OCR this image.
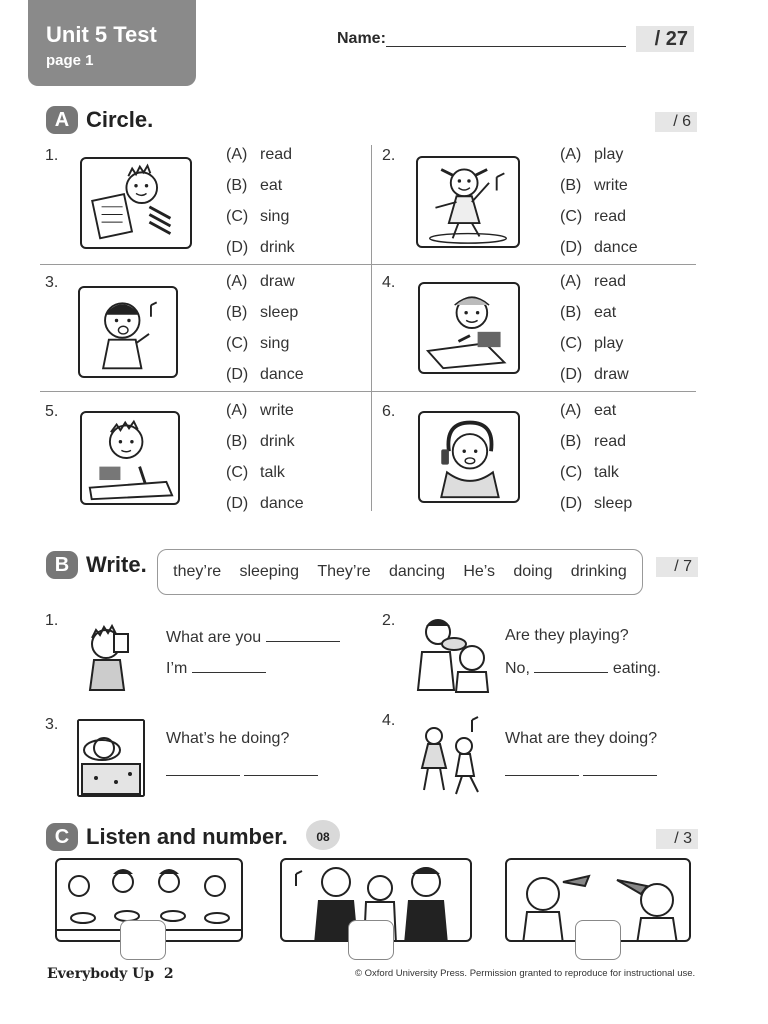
Unit 5 Test
page 1
Name:	/ 27
A Circle.	/ 6
1.	(A) read
(B) eat
(C) sing
(D) drink
2.	(A) play
(B) write
(C) read
(D) dance
3.	(A) draw
(B) sleep
(C) sing
(D) dance
4.	(A) read
(B) eat
(C) play
(D) draw
5.	(A) write
(B) drink
(C) talk
(D) dance
6.	(A) eat
(B) read
(C) talk
(D) sleep
B Write. they’re sleeping They’re dancing He’s doing drinking	/ 7
1.
What are you
I’m
2.
Are they playing?
No,	eating.
3.
What’s he doing?

4.
What are they doing?

C Listen and number.	08	/ 3
Everybody Up 2	© Oxford University Press. Permission granted to reproduce for instructional use.
